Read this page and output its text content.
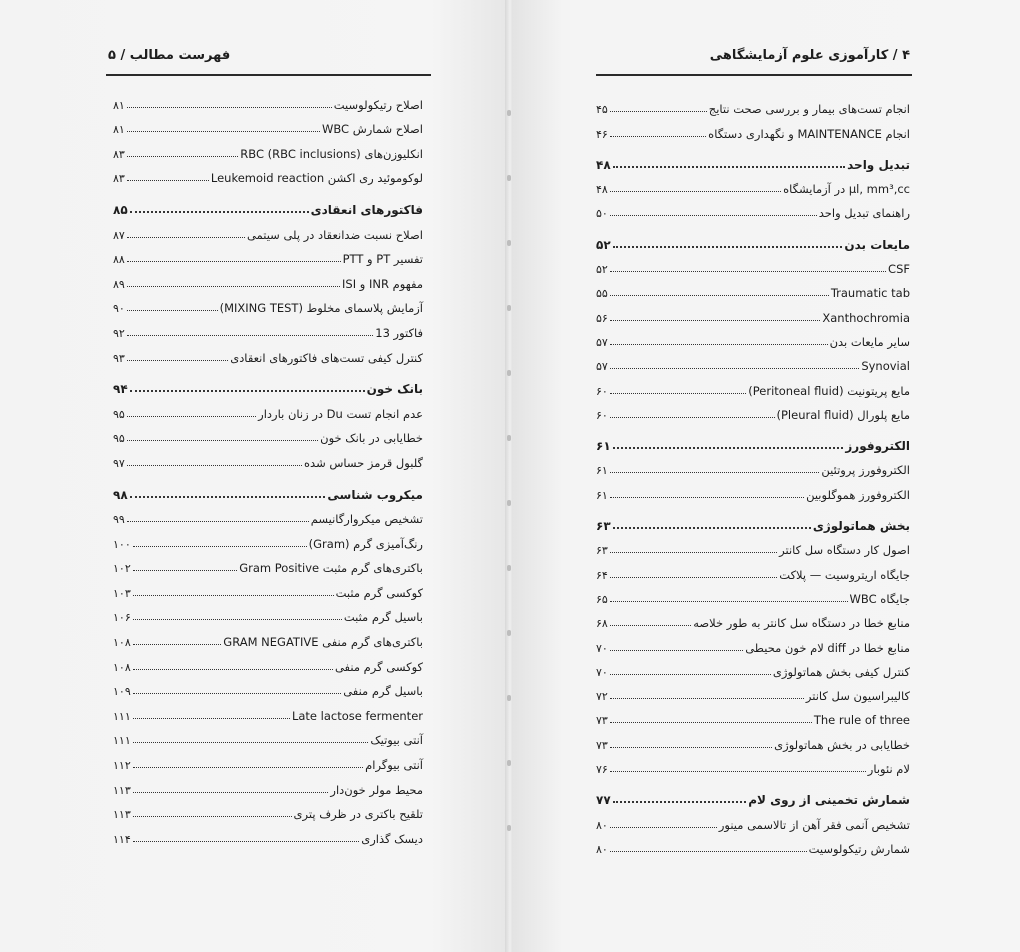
فهرست مطالب / ۵
۸۱	اصلاح رتیکولوسیت
۸۱	اصلاح شمارش WBC
۸۳	انکلیوزن‌های RBC (RBC inclusions)
۸۳	لوکوموئید ری اکشن Leukemoid reaction
۸۵	فاکتورهای انعقادی
۸۷	اصلاح نسبت ضدانعقاد در پلی سیتمی
۸۸	تفسیر PT و PTT
۸۹	مفهوم INR و ISI
۹۰	آزمایش پلاسمای مخلوط (MIXING TEST)
۹۲	فاکتور 13
۹۳	کنترل کیفی تست‌های فاکتورهای انعقادی
۹۴	بانک خون
۹۵	عدم انجام تست Du در زنان باردار
۹۵	خطایابی در بانک خون
۹۷	گلبول قرمز حساس شده
۹۸	میکروب شناسی
۹۹	تشخیص میکروارگانیسم
۱۰۰	رنگ‌آمیزی گرم (Gram)
۱۰۲	باکتری‌های گرم مثبت Gram Positive
۱۰۳	کوکسی گرم مثبت
۱۰۶	باسیل گرم مثبت
۱۰۸	باکتری‌های گرم منفی GRAM NEGATIVE
۱۰۸	کوکسی گرم منفی
۱۰۹	باسیل گرم منفی
۱۱۱	Late lactose fermenter
۱۱۱	آنتی بیوتیک
۱۱۲	آنتی بیوگرام
۱۱۳	محیط مولر خون‌دار
۱۱۳	تلقیح باکتری در ظرف پتری
۱۱۴	دیسک گذاری
۴ / کارآموزی علوم آزمایشگاهی
۴۵	انجام تست‌های بیمار و بررسی صحت نتایج
۴۶	انجام MAINTENANCE و نگهداری دستگاه
۴۸	تبدیل واحد
۴۸	μl, mm³,cc در آزمایشگاه
۵۰	راهنمای تبدیل واحد
۵۲	مایعات بدن
۵۲	CSF
۵۵	Traumatic tab
۵۶	Xanthochromia
۵۷	سایر مایعات بدن
۵۷	Synovial
۶۰	مایع پریتونیت (Peritoneal fluid)
۶۰	مایع پلورال (Pleural fluid)
۶۱	الکتروفورز
۶۱	الکتروفورز پروتئین
۶۱	الکتروفورز هموگلوبین
۶۳	بخش هماتولوژی
۶۳	اصول کار دستگاه سل کانتر
۶۴	جایگاه اریتروسیت — پلاکت
۶۵	جایگاه WBC
۶۸	منابع خطا در دستگاه سل کانتر به طور خلاصه
۷۰	منابع خطا در diff لام خون محیطی
۷۰	کنترل کیفی بخش هماتولوژی
۷۲	کالیبراسیون سل کانتر
۷۳	The rule of three
۷۳	خطایابی در بخش هماتولوژی
۷۶	لام نئوبار
۷۷	شمارش تخمینی از روی لام
۸۰	تشخیص آنمی فقر آهن از تالاسمی مینور
۸۰	شمارش رتیکولوسیت
